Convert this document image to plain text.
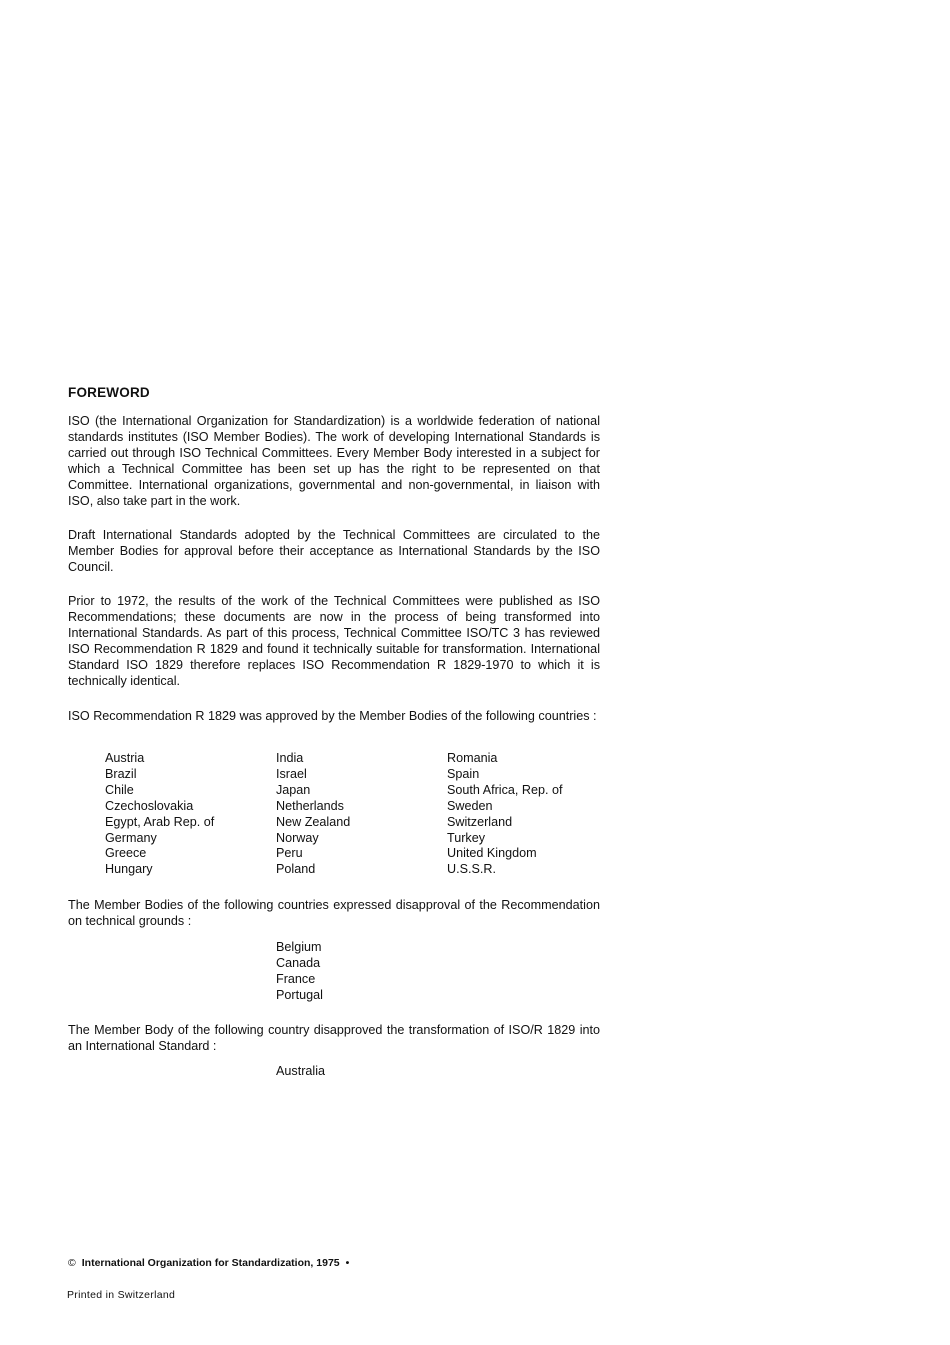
FOREWORD

ISO (the International Organization for Standardization) is a worldwide federation of national standards institutes (ISO Member Bodies). The work of developing International Standards is carried out through ISO Technical Committees. Every Member Body interested in a subject for which a Technical Committee has been set up has the right to be represented on that Committee. International organizations, governmental and non-governmental, in liaison with ISO, also take part in the work.

Draft International Standards adopted by the Technical Committees are circulated to the Member Bodies for approval before their acceptance as International Standards by the ISO Council.

Prior to 1972, the results of the work of the Technical Committees were published as ISO Recommendations; these documents are now in the process of being transformed into International Standards. As part of this process, Technical Committee ISO/TC 3 has reviewed ISO Recommendation R 1829 and found it technically suitable for transformation. International Standard ISO 1829 therefore replaces ISO Recommendation R 1829-1970 to which it is technically identical.

ISO Recommendation R 1829 was approved by the Member Bodies of the following countries :

Austria
Brazil
Chile
Czechoslovakia
Egypt, Arab Rep. of
Germany
Greece
Hungary
India
Israel
Japan
Netherlands
New Zealand
Norway
Peru
Poland
Romania
Spain
South Africa, Rep. of
Sweden
Switzerland
Turkey
United Kingdom
U.S.S.R.

The Member Bodies of the following countries expressed disapproval of the Recommendation on technical grounds :

Belgium
Canada
France
Portugal

The Member Body of the following country disapproved the transformation of ISO/R 1829 into an International Standard :

Australia
© International Organization for Standardization, 1975 •
Printed in Switzerland
